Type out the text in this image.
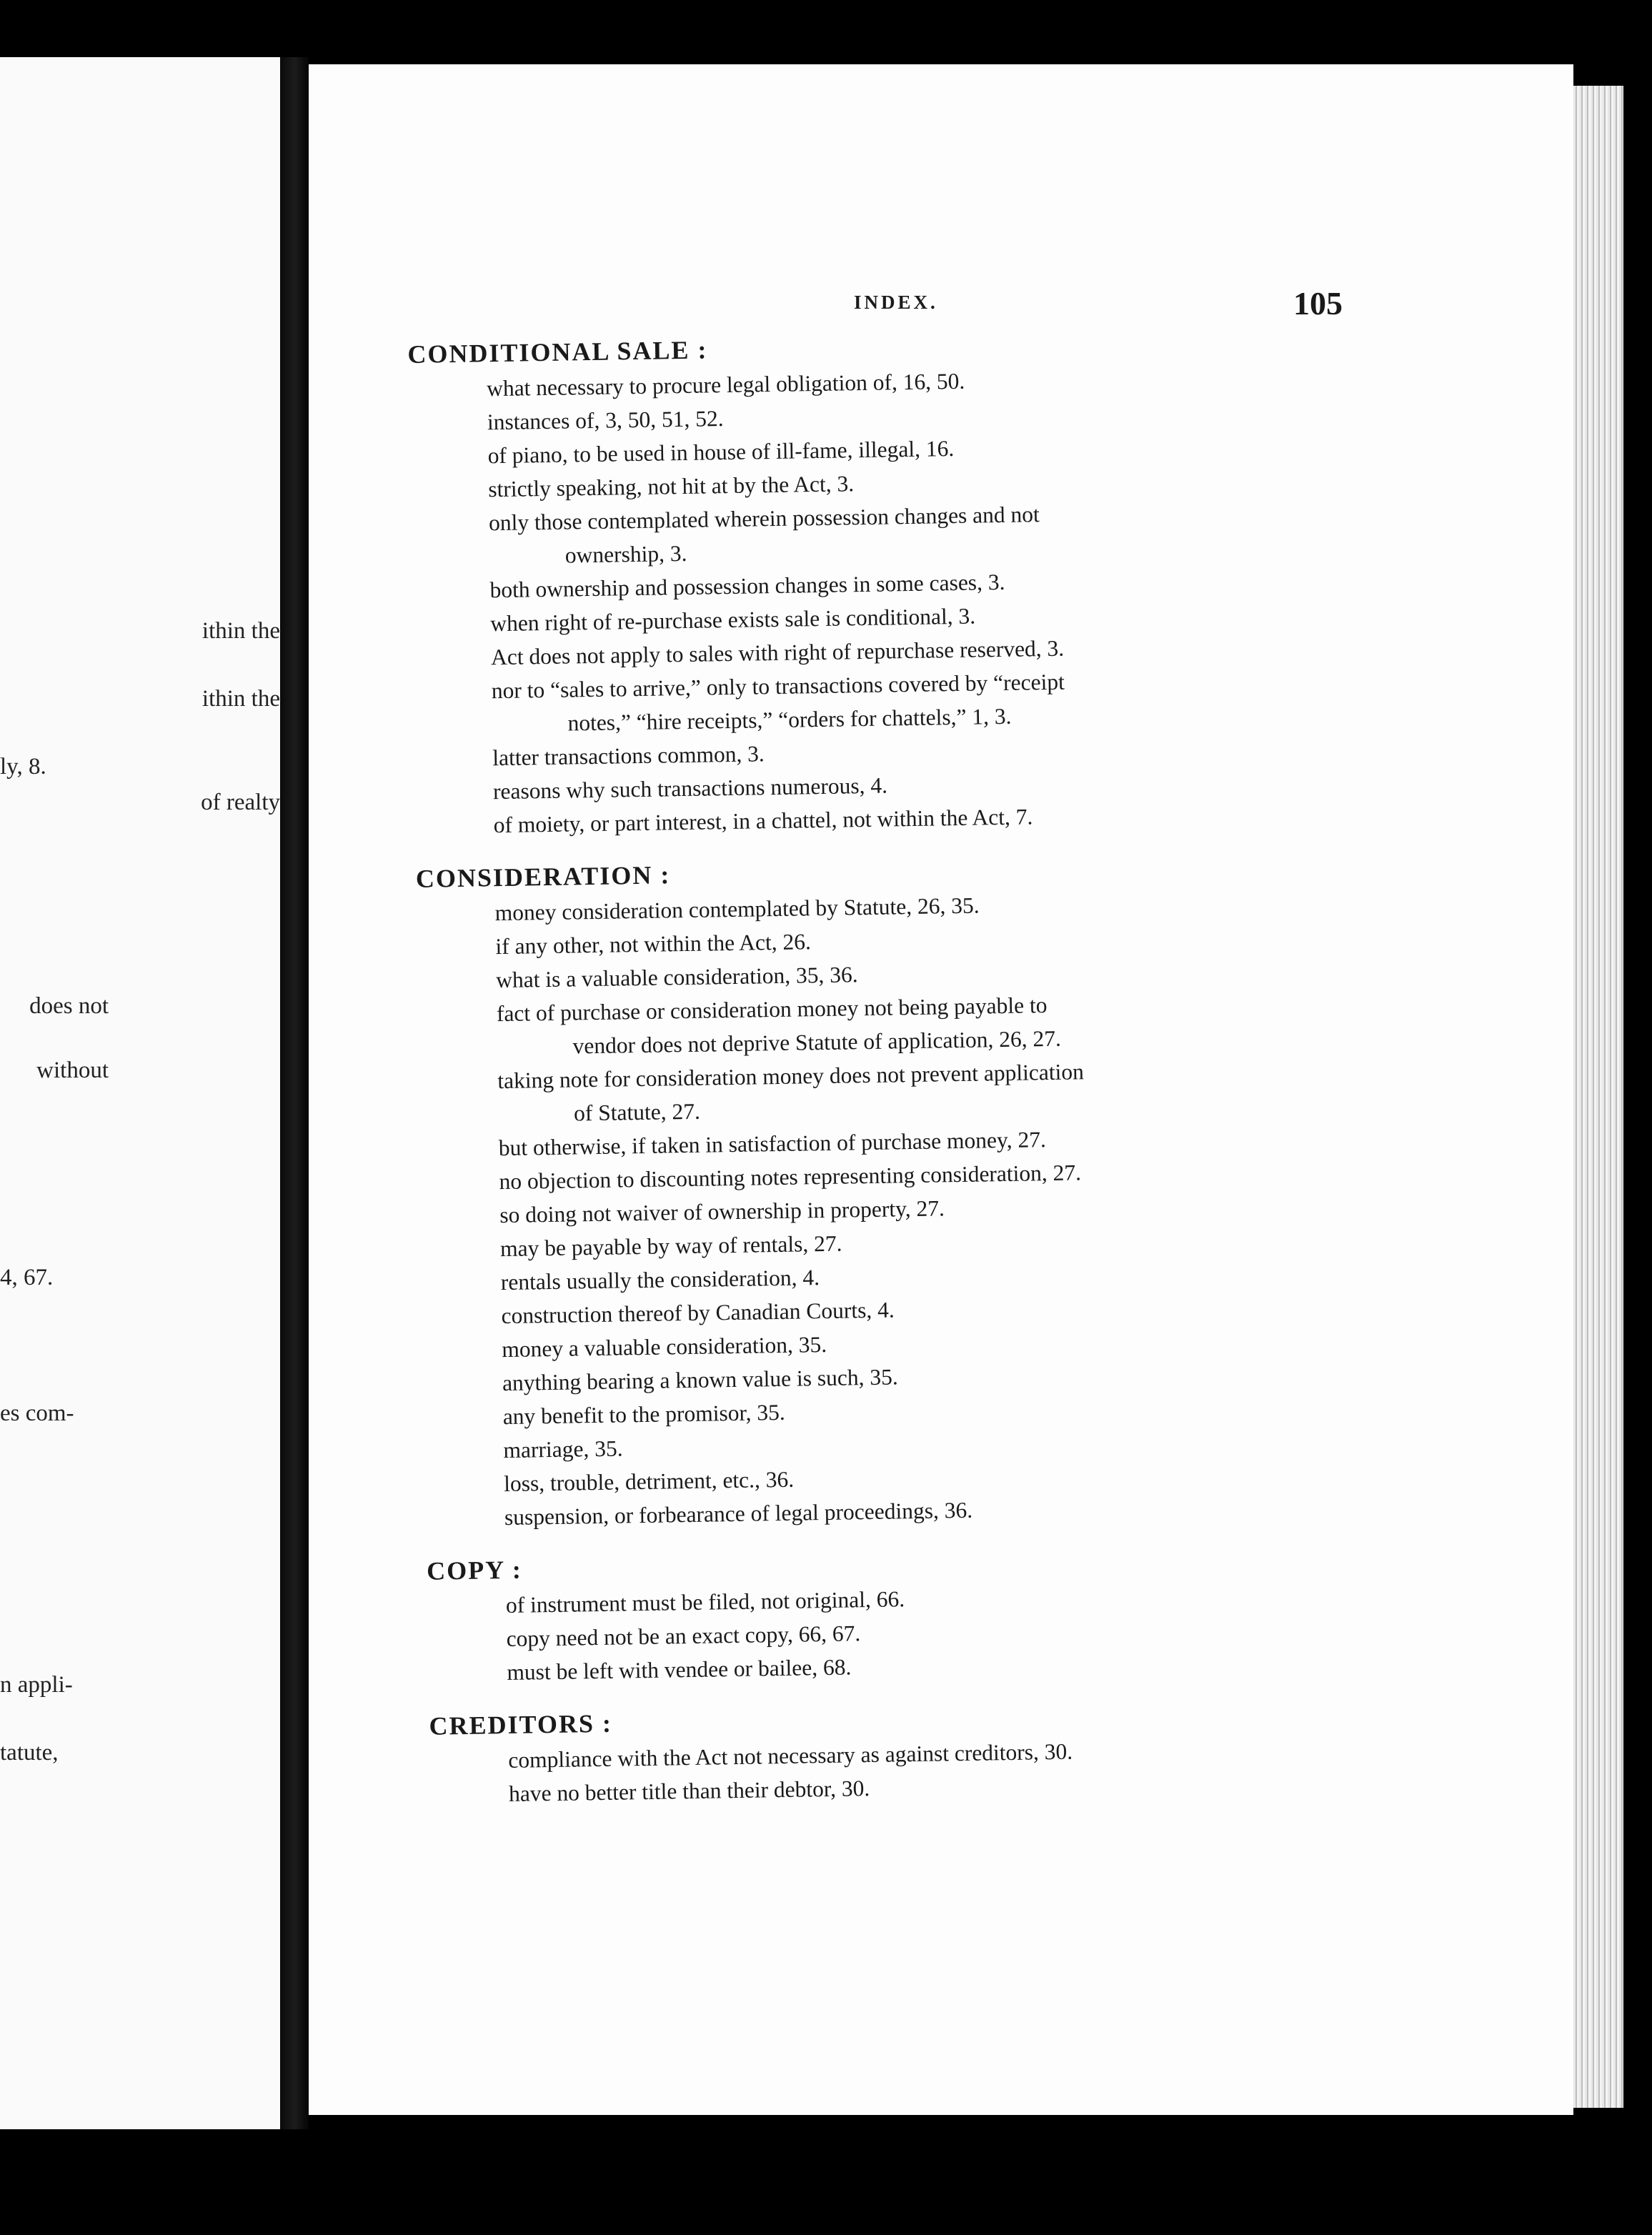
ithin the
ithin the
ly, 8.
of realty
does not
without
4, 67.
es com-
n appli-
tatute,
INDEX.	105
CONDITIONAL SALE :
what necessary to procure legal obligation of, 16, 50.
instances of, 3, 50, 51, 52.
of piano, to be used in house of ill-fame, illegal, 16.
strictly speaking, not hit at by the Act, 3.
only those contemplated wherein possession changes and not
ownership, 3.
both ownership and possession changes in some cases, 3.
when right of re-purchase exists sale is conditional, 3.
Act does not apply to sales with right of repurchase reserved, 3.
nor to “sales to arrive,” only to transactions covered by “receipt
notes,” “hire receipts,” “orders for chattels,” 1, 3.
latter transactions common, 3.
reasons why such transactions numerous, 4.
of moiety, or part interest, in a chattel, not within the Act, 7.
CONSIDERATION :
money consideration contemplated by Statute, 26, 35.
if any other, not within the Act, 26.
what is a valuable consideration, 35, 36.
fact of purchase or consideration money not being payable to
vendor does not deprive Statute of application, 26, 27.
taking note for consideration money does not prevent application
of Statute, 27.
but otherwise, if taken in satisfaction of purchase money, 27.
no objection to discounting notes representing consideration, 27.
so doing not waiver of ownership in property, 27.
may be payable by way of rentals, 27.
rentals usually the consideration, 4.
construction thereof by Canadian Courts, 4.
money a valuable consideration, 35.
anything bearing a known value is such, 35.
any benefit to the promisor, 35.
marriage, 35.
loss, trouble, detriment, etc., 36.
suspension, or forbearance of legal proceedings, 36.
COPY :
of instrument must be filed, not original, 66.
copy need not be an exact copy, 66, 67.
must be left with vendee or bailee, 68.
CREDITORS :
compliance with the Act not necessary as against creditors, 30.
have no better title than their debtor, 30.
